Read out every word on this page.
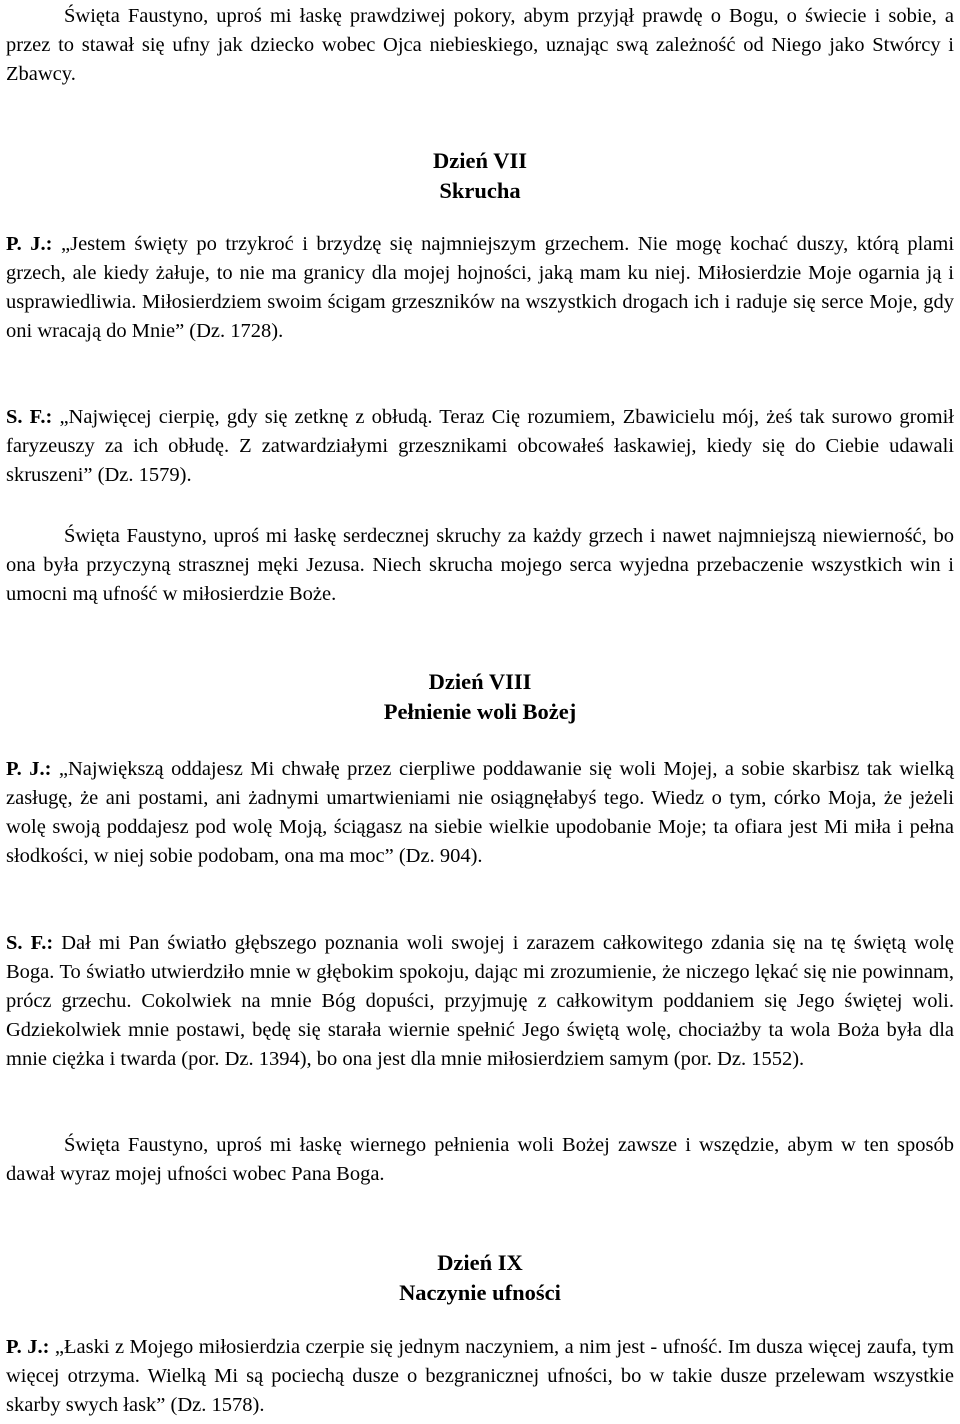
Święta Faustyno, uproś mi łaskę prawdziwej pokory, abym przyjął prawdę o Bogu, o świecie i sobie, a przez to stawał się ufny jak dziecko wobec Ojca niebieskiego, uznając swą zależność od Niego jako Stwórcy i Zbawcy.

Dzień VII
Skrucha

P. J.: „Jestem święty po trzykroć i brzydzę się najmniejszym grzechem. Nie mogę kochać duszy, którą plami grzech, ale kiedy żałuje, to nie ma granicy dla mojej hojności, jaką mam ku niej. Miłosierdzie Moje ogarnia ją i usprawiedliwia. Miłosierdziem swoim ścigam grzeszników na wszystkich drogach ich i raduje się serce Moje, gdy oni wracają do Mnie” (Dz. 1728).

S. F.: „Najwięcej cierpię, gdy się zetknę z obłudą. Teraz Cię rozumiem, Zbawicielu mój, żeś tak surowo gromił faryzeuszy za ich obłudę. Z zatwardziałymi grzesznikami obcowałeś łaskawiej, kiedy się do Ciebie udawali skruszeni” (Dz. 1579).

Święta Faustyno, uproś mi łaskę serdecznej skruchy za każdy grzech i nawet najmniejszą niewierność, bo ona była przyczyną strasznej męki Jezusa. Niech skrucha mojego serca wyjedna przebaczenie wszystkich win i umocni mą ufność w miłosierdzie Boże.

Dzień VIII
Pełnienie woli Bożej

P. J.: „Największą oddajesz Mi chwałę przez cierpliwe poddawanie się woli Mojej, a sobie skarbisz tak wielką zasługę, że ani postami, ani żadnymi umartwieniami nie osiągnęłabyś tego. Wiedz o tym, córko Moja, że jeżeli wolę swoją poddajesz pod wolę Moją, ściągasz na siebie wielkie upodobanie Moje; ta ofiara jest Mi miła i pełna słodkości, w niej sobie podobam, ona ma moc” (Dz. 904).

S. F.: Dał mi Pan światło głębszego poznania woli swojej i zarazem całkowitego zdania się na tę świętą wolę Boga. To światło utwierdziło mnie w głębokim spokoju, dając mi zrozumienie, że niczego lękać się nie powinnam, prócz grzechu. Cokolwiek na mnie Bóg dopuści, przyjmuję z całkowitym poddaniem się Jego świętej woli. Gdziekolwiek mnie postawi, będę się starała wiernie spełnić Jego świętą wolę, chociażby ta wola Boża była dla mnie ciężka i twarda (por. Dz. 1394), bo ona jest dla mnie miłosierdziem samym (por. Dz. 1552).

Święta Faustyno, uproś mi łaskę wiernego pełnienia woli Bożej zawsze i wszędzie, abym w ten sposób dawał wyraz mojej ufności wobec Pana Boga.

Dzień IX
Naczynie ufności

P. J.: „Łaski z Mojego miłosierdzia czerpie się jednym naczyniem, a nim jest - ufność. Im dusza więcej zaufa, tym więcej otrzyma. Wielką Mi są pociechą dusze o bezgranicznej ufności, bo w takie dusze przelewam wszystkie skarby swych łask” (Dz. 1578).
